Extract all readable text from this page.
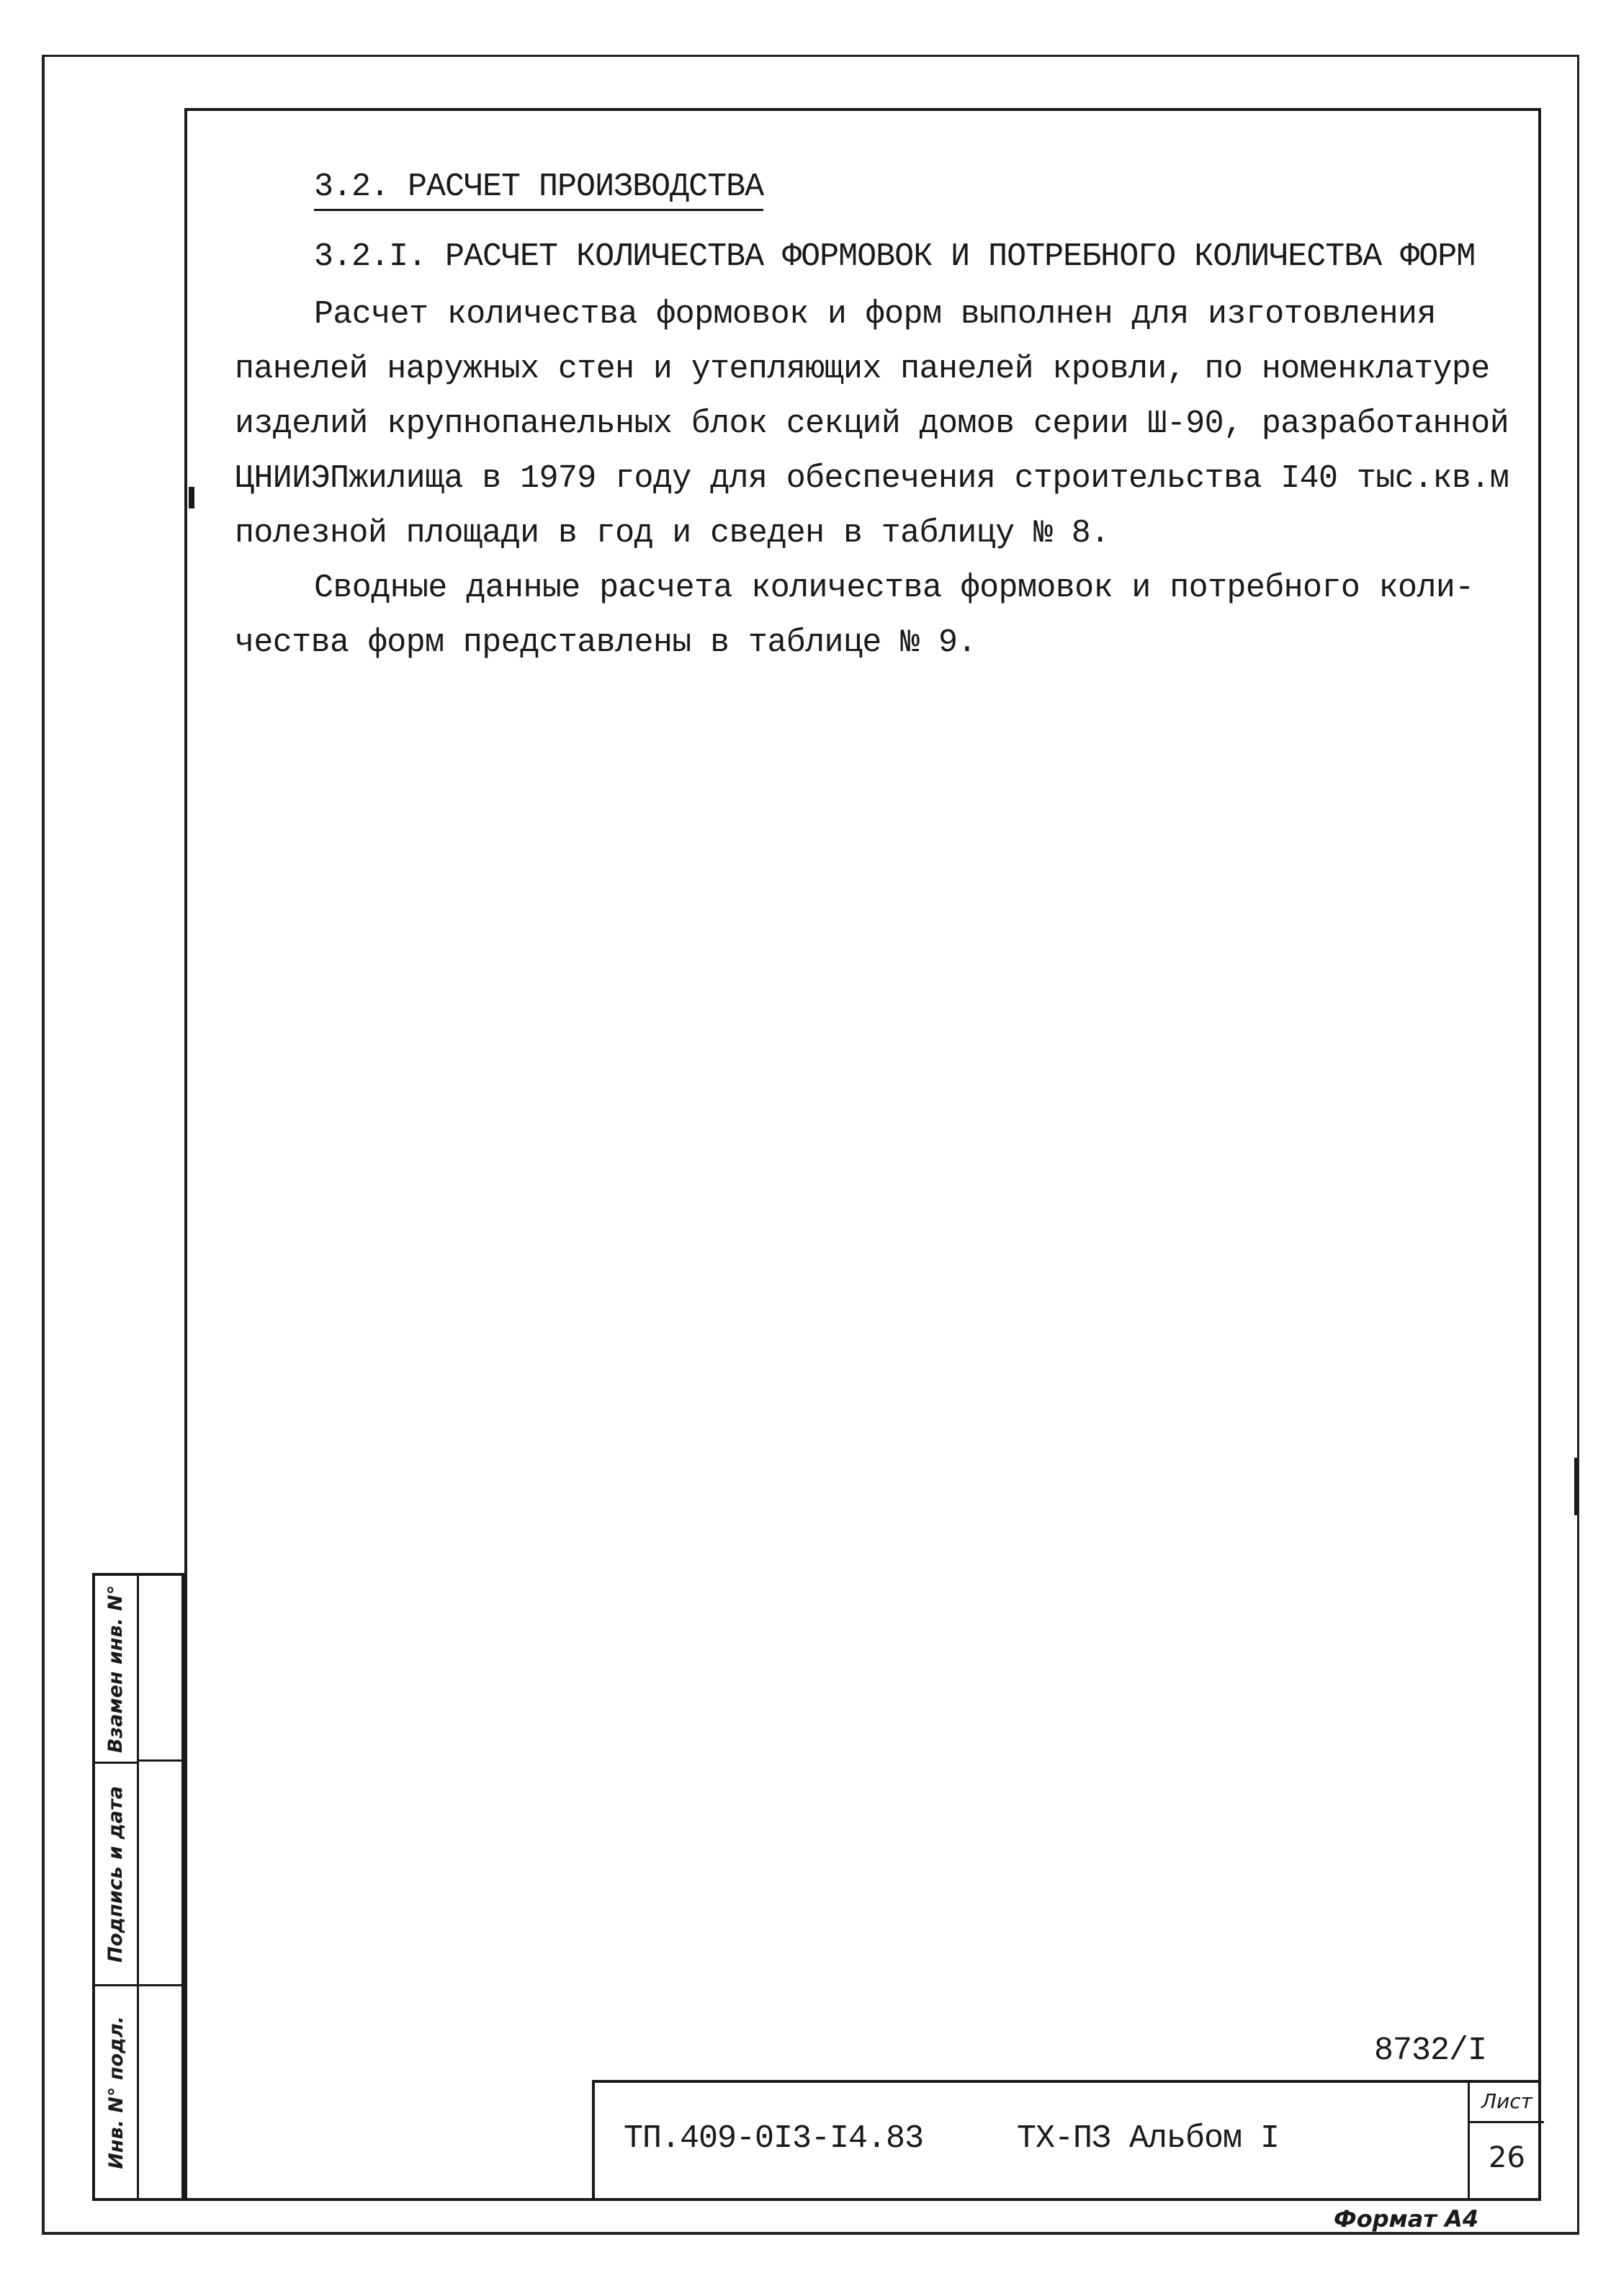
3.2. РАСЧЕТ ПРОИЗВОДСТВА
3.2.I. РАСЧЕТ КОЛИЧЕСТВА ФОРМОВОК И ПОТРЕБНОГО КОЛИЧЕСТВА ФОРМ
Расчет количества формовок и форм выполнен для изготовления
панелей наружных стен и утепляющих панелей кровли, по номенклатуре
изделий крупнопанельных блок секций домов серии Ш-90, разработанной
ЦНИИЭПжилища в 1979 году для обеспечения строительства I40 тыс.кв.м
полезной площади в год и сведен в таблицу № 8.
Сводные данные расчета количества формовок и потребного коли-
чества форм представлены в таблице № 9.
Инв. N° подл.
Подпись и дата
Взамен инв. N°
8732/I
ТП.409-0I3-I4.83	ТХ-ПЗ Альбом I
Лист
26
Формат А4
